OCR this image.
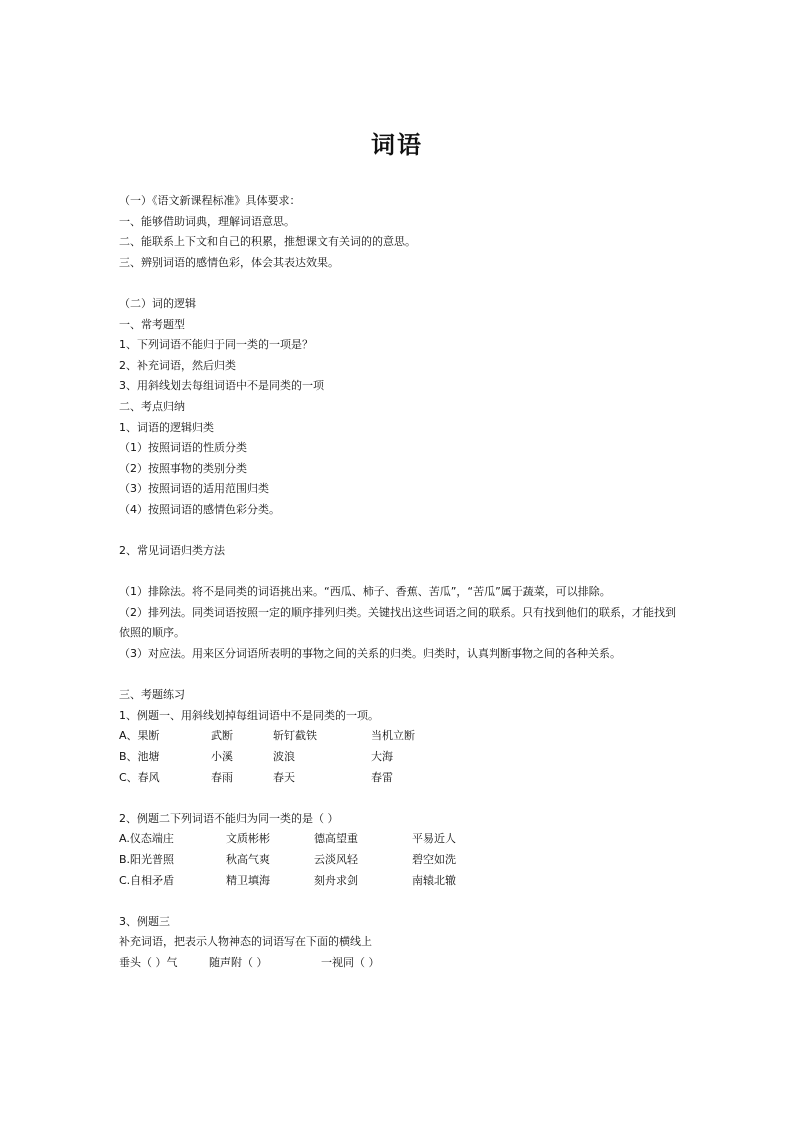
词语
（一）《语文新课程标准》具体要求：
一、能够借助词典，理解词语意思。
二、能联系上下文和自己的积累，推想课文有关词的的意思。
三、辨别词语的感情色彩，体会其表达效果。
（二）词的逻辑
一、常考题型
1、下列词语不能归于同一类的一项是？
2、补充词语，然后归类
3、用斜线划去每组词语中不是同类的一项
二、考点归纳
1、词语的逻辑归类
（1）按照词语的性质分类
（2）按照事物的类别分类
（3）按照词语的适用范围归类
（4）按照词语的感情色彩分类。
2、常见词语归类方法
（1）排除法。将不是同类的词语挑出来。“西瓜、柿子、香蕉、苦瓜”，“苦瓜”属于蔬菜，可以排除。
（2）排列法。同类词语按照一定的顺序排列归类。关键找出这些词语之间的联系。只有找到他们的联系，才能找到依照的顺序。
（3）对应法。用来区分词语所表明的事物之间的关系的归类。归类时，认真判断事物之间的各种关系。
三、考题练习
1、例题一、用斜线划掉每组词语中不是同类的一项。
A、果断	武断	斩钉截铁	当机立断
B、池塘	小溪	波浪	大海
C、春风	春雨	春天	春雷
2、例题二下列词语不能归为同一类的是（ ）
A.仪态端庄	文质彬彬	德高望重	平易近人
B.阳光普照	秋高气爽	云淡风轻	碧空如洗
C.自相矛盾	精卫填海	刻舟求剑	南辕北辙
3、例题三
补充词语，把表示人物神态的词语写在下面的横线上
垂头（ ）气	随声附（ ）	一视同（ ）
